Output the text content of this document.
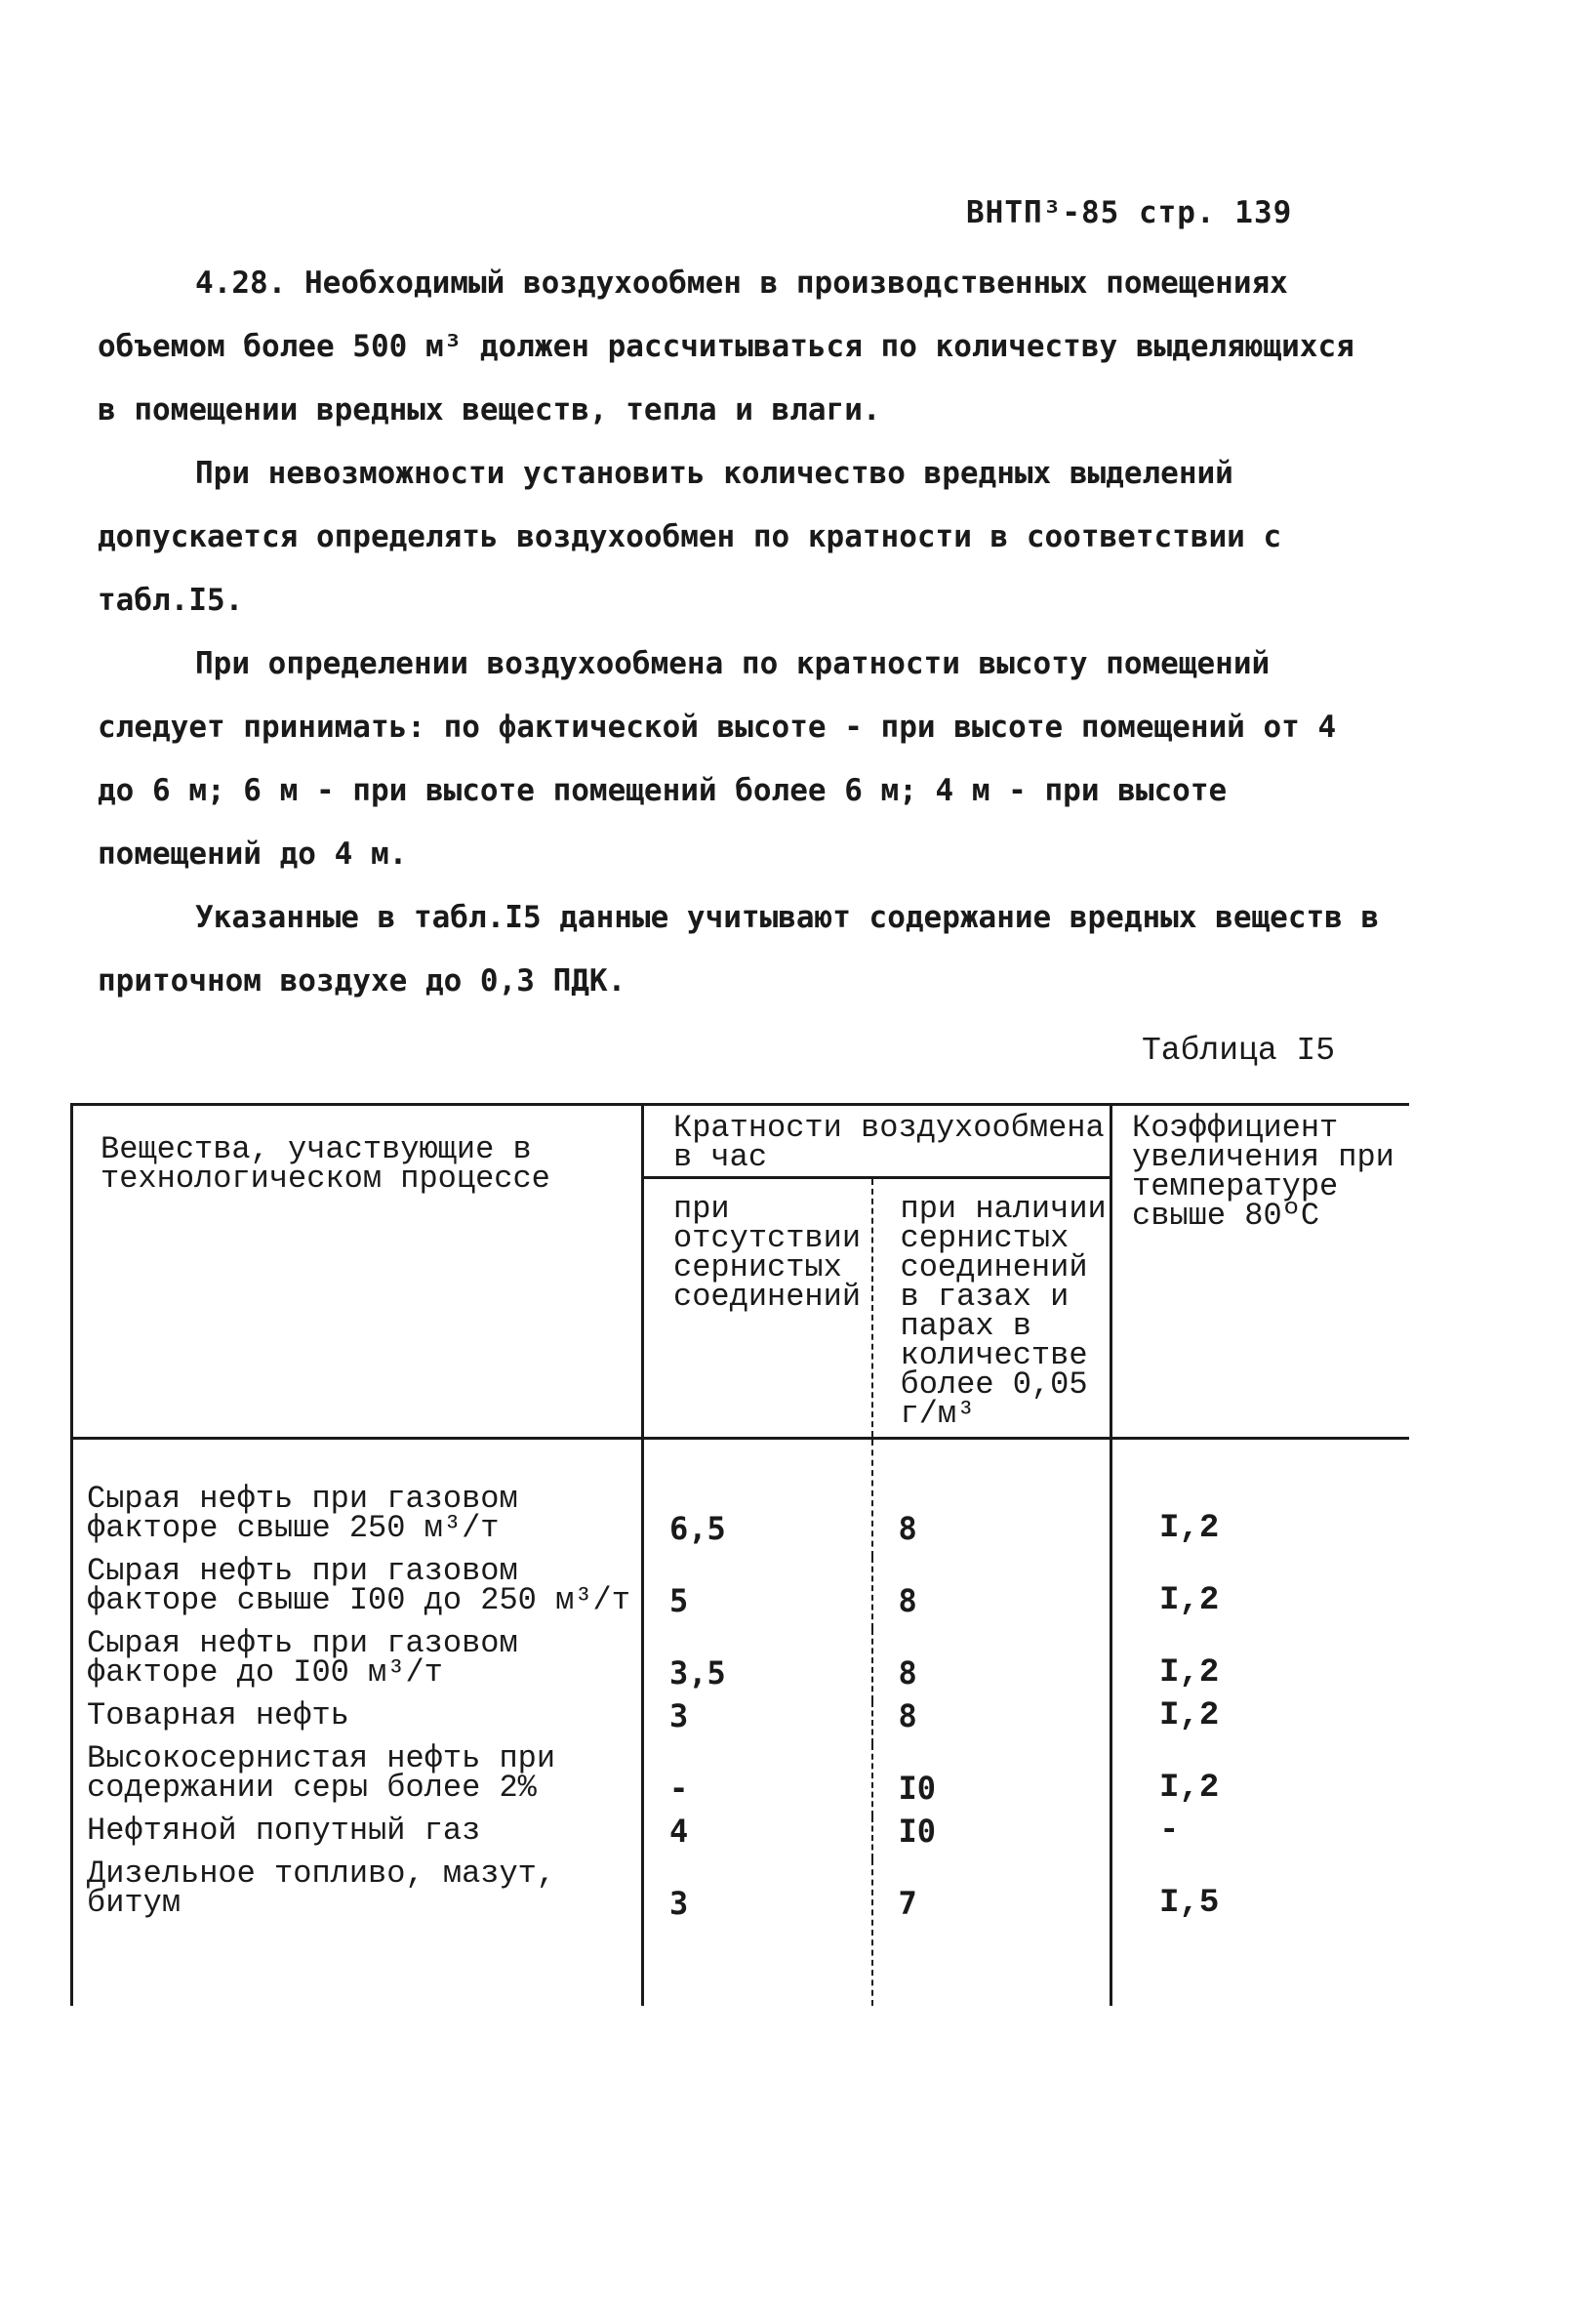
ВНТП³-85 стр. 139

4.28. Необходимый воздухообмен в производственных помещениях объемом более 500 м³ должен рассчитываться по количеству выделяющихся в помещении вредных веществ, тепла и влаги.

При невозможности установить количество вредных выделений допускается определять воздухообмен по кратности в соответствии с табл.I5.

При определении воздухообмена по кратности высоту помещений следует принимать: по фактической высоте - при высоте помещений от 4 до 6 м; 6 м - при высоте помещений более 6 м; 4 м - при высоте помещений до 4 м.

Указанные в табл.I5 данные учитывают содержание вредных веществ в приточном воздухе до 0,3 ПДК.

Таблица I5
Вещества, участвующие в технологическом процессе	Кратности воздухообмена в час		Коэффициент увеличения при температуре свыше 80ºС
	при отсутствии сернистых соединений	при наличии сернистых соединений в газах и парах в количестве более 0,05 г/м³	
Сырая нефть при газовом факторе свыше 250 м³/т	6,5	8	I,2
Сырая нефть при газовом факторе свыше I00 до 250 м³/т	5	8	I,2
Сырая нефть при газовом факторе до I00 м³/т	3,5	8	I,2
Товарная нефть	3	8	I,2
Высокосернистая нефть при содержании серы более 2%	-	I0	I,2
Нефтяной попутный газ	4	I0	-
Дизельное топливо, мазут, битум	3	7	I,5
